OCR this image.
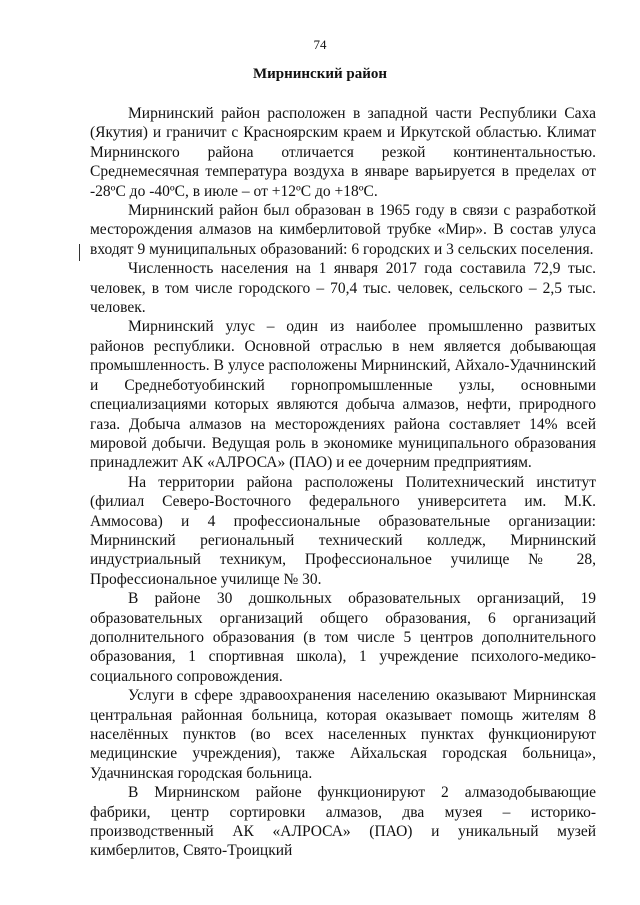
74
Мирнинский район

Мирнинский район расположен в западной части Республики Саха (Якутия) и граничит с Красноярским краем и Иркутской областью. Климат Мирнинского района отличается резкой континентальностью. Среднемесячная температура воздуха в январе варьируется в пределах от -28ºС до -40ºС, в июле – от +12ºС до +18ºС.

Мирнинский район был образован в 1965 году в связи с разработкой месторождения алмазов на кимберлитовой трубке «Мир». В состав улуса входят 9 муниципальных образований: 6 городских и 3 сельских поселения.

Численность населения на 1 января 2017 года составила 72,9 тыс. человек, в том числе городского – 70,4 тыс. человек, сельского – 2,5 тыс. человек.

Мирнинский улус – один из наиболее промышленно развитых районов республики. Основной отраслью в нем является добывающая промышленность. В улусе расположены Мирнинский, Айхало-Удачнинский и Среднеботуобинский горнопромышленные узлы, основными специализациями которых являются добыча алмазов, нефти, природного газа. Добыча алмазов на месторождениях района составляет 14% всей мировой добычи. Ведущая роль в экономике муниципального образования принадлежит АК «АЛРОСА» (ПАО) и ее дочерним предприятиям.

На территории района расположены Политехнический институт (филиал Северо-Восточного федерального университета им. М.К. Аммосова) и 4 профессиональные образовательные организации: Мирнинский региональный технический колледж, Мирнинский индустриальный техникум, Профессиональное училище № 28, Профессиональное училище № 30.

В районе 30 дошкольных образовательных организаций, 19 образовательных организаций общего образования, 6 организаций дополнительного образования (в том числе 5 центров дополнительного образования, 1 спортивная школа), 1 учреждение психолого-медико-социального сопровождения.

Услуги в сфере здравоохранения населению оказывают Мирнинская центральная районная больница, которая оказывает помощь жителям 8 населённых пунктов (во всех населенных пунктах функционируют медицинские учреждения), также Айхальская городская больница», Удачнинская городская больница.

В Мирнинском районе функционируют 2 алмазодобывающие фабрики, центр сортировки алмазов, два музея – историко-производственный АК «АЛРОСА» (ПАО) и уникальный музей кимберлитов, Свято-Троицкий
